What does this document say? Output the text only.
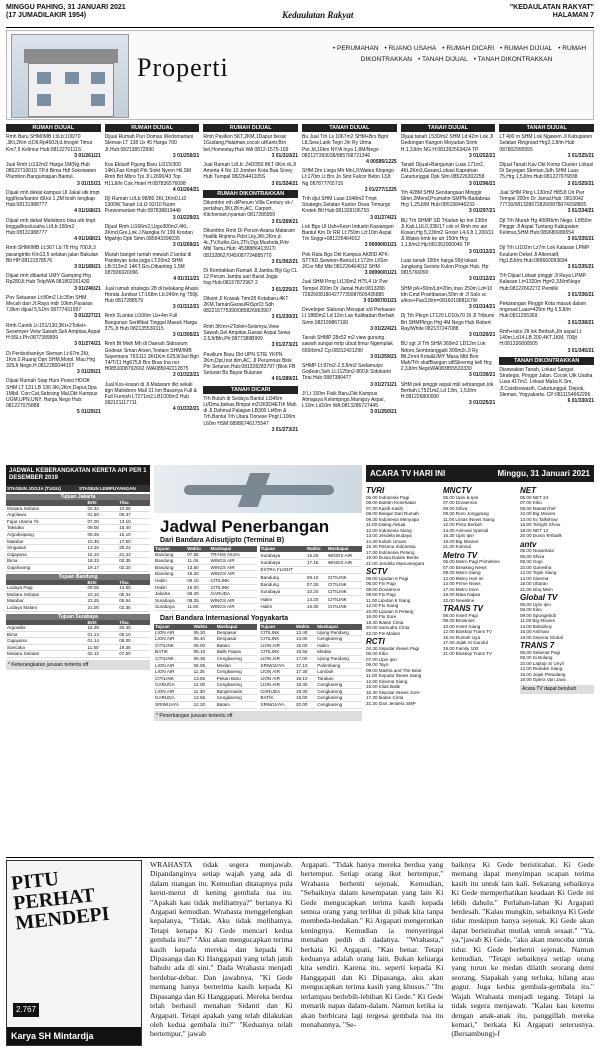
MINGGU PAHING, 31 JANUARI 2021
(17 JUMADILAKIR 1954)	Kedaulatan Rakyat
"KEDAULATAN RAKYAT"
HALAMAN 7
Properti
• PERUMAHAN • RUANG USAHA • RUMAH DICARI • RUMAH DIJUAL • RUMAH DIKONTRAKKAN • TANAH DIJUAL • TANAH DIKONTRAKKAN
RUMAH DIJUAL
Rmh Baru SHM/IMB Lt/Lb:100/70 ,3Kt,2Km d,Dll,Rp450Jt,d.Imogiri Timur Km7,5 Kelimur Hub:0812276111S
3 01/261/21
Jual Rmh Lt132m2 Harga 1M(Ng.Hub 0852271001S TP.d Bima Hdl Sokowaten Plumbon Banguntapan Bantul.
3 01/15/21
Dijual rmh dekat kampus UI Jakal utk tmpt tggl/kos/kantor dll.ks 1,2M brsih lengkap Hub:08131988777
4 01/168/21
Dijual rmh dekat Malioboro bisa utk tmpt tinggal/kos/usaha Lt/Lb:150m2 Hub:08131988777
4 01/168/21
Rmh SHM/IMB Lt:367 Lb:79 Hrg 700Jt,3 parangtritis Km13,5 selatan jalan Bakulan Blt HP:08121578576
3 01/189/21
Dijual rmh dibantul UMY Gamping Hrg Rp280Jt Hub Telp/WA 081802261430
3 01/240/21
Pov Setuaran Lt:80m2 Lb:35m SHM Mecah dari JI.Raya mdr 10km,Pasaran 7,8km dijual 5,5J/m 08777431997
3 01/227/21
Rmh Cantik Lt:151/130,3Kt+2Toilet+ Sesemyer View Sawah,Seli Ampitas,Aspal H:9SLt.Ph:0877389999
3 01/274/21
Di Perdoohankyn Sleman Lt:67m,2Kt, 1Km,0.Ruang Dpn SHM,Motol. Mau Hrg 325Jt Nego.H 081228004415T
3 01/29/21
Dijual Rumah Siap Huni Posisi HOOK SHM LT 131 LB 130 3Kt,2Km,Dapur,Dpa 1Mbil. Con:Cat,Sebrang Mal,Dkt Kampus UGM,UPN,UNY. Harga Nego Hub: 081227075888
5 01/29/21
RUMAH DIJUAL
Dijual Rumah Puri Domas Wedomartani Sleman LT 138 Lb 45 Harga 700 Jt.Hub:082138572990
3 01/250/21
Kos Eklusif Pgung Baru Lt215/300 14Kt,Fas Kmplt Prk Sinkt Nyrnn Hil,SM Rmh Brt Mbro Tpi Jl L2690/43 Top H11Jt/ln Cok Hotel H:087836576098
4 01/264/21
Djl Rumah Lt/Lb 98/80 3Kt,1Km0,Lt2 1300W,Tanah LtLt2 92/10 Nutm Purwomartani Hub:087838819448
3 01/229/21
Dijual Rmh Lt166m2,Lbgo300m2,4Kt, 3Kmd,Gre,Lok J.Nangka IV 199 Krodan Mgwhjo Dpk Simn.085643396035
3 01/269/21
Murah banget rumah mewah 2 lantai di Pandeyan kota jogja LT:20m2 SHM LB:313m2 14KT,Grs,Dibanting 1,5M 087836920096
4 01/311/21
Jual rumah strategis 28 di belakang Ahass Honda Jumbar LT:168m Lb:240m hg 750jt. Hub 0817288579
3 01/312/21
Rmh 2Lantai Lt106m Lb+4m Full Bangunan Sertifikat Tinggal Masuk Harga 375,Jt Hub 082135530315
3 01/305/21
Rmh Bt Mwh Mh di Daerah Sidoarum Godean Sman Arsen,Testare SHM/IMB Sayemans T6S111 3Kt1Km 625Jt/Jari Bgn T4/T/11 Hg675Jt Brs Brao Ina nor H0851008792692 /WA085042212875
3 01/322/21
Jual Kos-kosan di Jl.Mataram dkt sekali dgn Malioboro Mall 31 km Basanya Full & Full Furnish LT271m2,LB1000m2 Hub 082121117711
4 01/332/21
RUMAH DIJUAL
Rmh Pavilion 5KT,2KM,1Dapur besar 1Gudang,Halaman,cocok utKantr,Brn bel,Homestay.Hub WA 0812-1575-169
3 01/310/21
Jual Rumah Lt/Lb: 240/350 8KT 6Km di.Jl Amerta 4 No 10 Jomber Kota Baa Srvey Hub Tumpal 08226441105S
3 01/324/21
RUMAH DIKONTRAKKAN
Dikontrkn mh diPenum Villa Century sk / pertahun,3Kt,2Km,AC, Carport, Kitchenset,nyaman 0817285959
3 01/269/21
Dikontrkn Rmh Di Perum Asana Mataram Hadlik Rnjmns Pdst Lky,3Kt,2Km,d. 4c,TV,Kulks,Grs,2Th,Dgr,Mushola,Prkr Mbl Tamu.Hub: 453888641391Ti 081328627045/087724885770
3 01/302/21
Di Kontrakkan Rumah Jl.Jambu Biji Gg CL 12 Perum Jambu sari Barat Jogja hay.Hub:08157872967 2
3 01/225/21
Dikont Jl Krasak Timr28 Kotabaru,4KT 2KM,TamanGarasi/RiSprCt Sdh 082215775390/085826963907
3 01/230/21
Rmh 3Kmr+2Toilet+Seismya,View Sawah,Sel Ampitas,Garasi Aspal Sewa 2,5Jt/Bln.Ph:0877389B999
3 01/273/21
Pavilium Baru Dkt UPN STIE YKPN 2Km,Dpt,Inst dim,AC, Jl Perumnas Blok Pin Seturan.Hub:081328283797 (Blok FB Seturan Bs Bayar Bulanan
4 01/289/21
TANAH DICARI
Trh Butuh di Sedaya Bantul Lt345m Lt/Dmu,bebas,Bmpar.m2\263D4ETrh Mah di Jl.Dahmal Palagan LB300 Lt45m & Trh.Bantul Trh Utara Donese Pngt L100m L60m HSM:08986746175547
3 01/273/21
TANAH DIJUAL
Bu Jual Trh Ls 1067m2 SHM+Brs Bgnt LtLSew,Larik Tegn Jln Ry Utma Pw:Jd,10km NY/A Inya 1,8M/Nego 082127393038/085768721346
4 00595/1225
SHM Dm Linga Mh Mnl,Jl:Wates Klopngo Lt:170m Lt Brs Jn Smt Falcor Bebn 13Jt Ng 087877765715
3 01/277/1225
Tnh djul SHM Luas:1048m2 Tmpt Strategis,Selatan Kantor Desa Trimurgo Kretek Btl Hub:081329106753
3 01/274/21
Lok Bgs Ul Ush+Kesn Industri Kawangan Bantul Km Dr RR Lt:750m Ld:10m Aspal Trk Snggr+081226464012
3 00990/01/21
Pek Rata Bgs Dkt Kampus AKBID ATK-STTKD,Seweon-Bantul Lt:172m Lt/Sm JlCor Mbl Mbl 081226464012 SHM
3 00990/01/21
Jual SHM Prng Lt130m2 H75,4 Ur Pwr Tempel 200m Dr Jamal Hub:0813286 72826/081804277730087605435885
3 01/067/01/21
Developer Slaturan Merapat s/d Perkasan Lt 1880m2 Ld 12m Las Kalibadan Berbah Simn 082199867100
3 01/224/21
Tanah SHMP 28x52 m2 view gunung sawah sungai mrtp ubud timur Ngemplak 650rb/m2 Cp:08312421290
3 01/259/21
SHMP Lt:97m2-2,5Jt/m2 Sedamulyo Godean,Seh Lt:1125m2-800Jt Sidokarto Tirai Hub 0887380477
3 01/271/21
Jl Lt 150m Fisik Baru,Dkt Kampus Atmajaya Kelompngo,Maniguy Aspal, L10m Ld10m WA:0813286727445
3 01/250/21
TANAH DIJUAL
Dijual tanah L530/m2 SHM Ld:42m Lok Jl Gedongan Kangon Moyudan Simn H.1,3Jt/m NG H:081392563424 TP
3 01/252/21
Tanah Dijual+Bangunan Luas 171m2, 4Kt,2Km3,Garasi,Lokasi Kaprahan Caturtunggal Dpk Slm.085226302258
3 01/296/21
Trh 428M SHM,Sendangsari Minggir Slmn,2Mend,Prumahn-SMPN-Badabraa Hrg 1,25Jt/M Hub:085158446233
3 01/297/21
BU Trh SHMP SD Trladan kp tnn 230m Jl.Kab.LUL0.336/17 cok el Rmh ms aw Kosan,Hg 5,2Jt/m2 Grosir L4,6Jt 1,200/11 Jl.Wates kmb ke utr 150m Hrg 1,1Jt/m2.Hp:081362000040 TP
3 01/312/21
Luas tanah 150m harga 99jt lokasi Jangkang Seriote Kulon Progo Hub. Hp: 0815766090
3 01/312/21
SHM p/k+50m/Ld=20m,Inso 250m Ld=10 Idn Cmd Prambanan,50m dr Jl Solo sc u/kos+Pas3Jt/m=081601088167W
3 01/314/21
Dj Trh Pkrgn LT120 LD10x70 Di Jl Trtbumi Brt SHMPkrgn Hrg 4M Nego Hub Robert Ray/White 082137247088
3 01/320/21
BU sgt Jl Trh SHM 369m2 LD12m Lok Ndoro,Sembranggalii 300m2r.Jl Ry Blt,2mnt Kota&UMY Masa Mbl Bon Mah/Trh skafBangun sitfSkrenng kell Hrg 2,3Jt/m NegoWA083855533330
3 01/330/21
SHM pek pinggir aspal mbl sebrangan,lok Berbah,LT521m2,Ld 13m, 1,5Jt/m H:081226800000
3 01/325/21
TANAH DIJUAL
LT 400 m SHM Lok Ngawen Jl Kabupaten Selatan Ringroad Hrg2,1Jt/m Hub 087802995555
3 01/325/21
Dijual Tanah Kav Dkt Komp Cluster Lokasi Di Seyegan Sleman,Sdh SHM Luas 75,Hrg 1,5Jt/m.Hub:081227976838
3 01/325/21
Jual SHM Pkrg L130m2 H85Jt Ulr Pwr Tempel 200m Dr Jamal.Hub: 0810042 77730/081328672826/08780743S8805
3 01/334/21
Djl Trh Murah Hg 400Rb/m Nego. Lt950m Pinggir Jl Aspal Tuntang Kabupaten Kelimur,SHM.Hub:089680086554
3 01/335/21
Dji Trh Lt102m Lz7m Lok Kalasan LPMP Keulurin Deket Jl Alternatif, Hg1,8Jt/m.Hub:089660093694
3 01/335/21
Trh Dijual Lokasi pinggir Jl Raya LPMP Kalasan Lt=1320m Hg=2,3Jt/mNego Hub:08122662272 Pemilik
3 01/336/21
Pekarangan Pinggir Kota masuk dalam ringroad Luas=425m Hg 6,5Jt/m Hub:0811255369
3 01/338/21
Rmh+ruko 2lt lok Berbah,Jln aspal Lt 140m,Ld14,LB 200,4KT,1KM, 700jt H:081326800505
3 01/345/21
TANAH DIKONTRAKKAN
Disewakan Tanah, Lokasi Sangat Strategis, Pinggir Jalan. Cocok Utk Usaha Luas 417m2. Lokasi Maka K.Sm, Jl.Candirewasih, Caturtunggal, Depok, Sleman, Yogyakarta. CP:0811154662296
6 01/330/21
JADWAL KEBERANGKATAN KERETA API PER 1 DESEMBER 2019
STASIUN JOGJA (TUGU)	STASIUN LEMPUYANGAN
Tujuan Jakarta
	Brkt	Tiba
Mutiara Selatan	03.32	10.05
Argolawu	01.50	06.47
Fajar Utama Yk	07.00	13.10
Taksaka	09.00	15.40
Argodwipang	09.25	16.10
Malabar	10.45	17.50
Singasari	13.16	20.24
Gajayana	16.10	21.43
Bima	18.33	00.35
Gajahwong	19.17	02.20
Tujuan Bandung
	Brkt	Tiba
Lodaya Pagi	09.05	14.50
Mutiara Selatan	23.10	05.34
Malabar	23.25	05.54
Lodaya Malam	21.00	02.45
Tujuan Surabaya
	Brkt	Tiba
Argowilis	15.28	20.40
Bima	01.13	06.10
Gajayana	01.14	06.00
Sancaka	11.50	16.35
Mutiara Selatan	02.12	07.50
* Keberangkatan jurusan tertentu off
Jadwal Penerbangan
Dari Bandara Adisutjipto (Terminal B)
Tujuan	Waktu	Maskapai
Bandung	07.55	TRANS NUSA
Bandung	11.45	WINGS AIR
Bandung	13.50	WINGS AIR
Bandung	15.20	WINGS AIR
Halim	09.10	CITILINK
Halim	16.00	CITILINK
Jakarta	06.20	GARUDA
Surabaya	08.25	WINGS AIR
Surabaya	11.50	WINGS AIR
Tujuan	Waktu	Maskapai
Surabaya	15.25	WINGS AIR
Surabaya	17.15	WINGS AIR
EXTRA FLIGHT		
Bandung	09.10	CITILINK
Bandung	07.30	CITILINK
Surabaya	10.20	CITILINK
Halim	14.20	CITILINK
Halim	16.30	CITILINK
Dari Bandara Internasional Yogyakarta
Tujuan	Waktu	Maskapai
LION AIR	06.30	Denpasar
LION AIR	06.40	Denpasar
CITILINK	06.00	Batam
BATIK	06.15	Balik Papan
CITILINK	06.35	Cengkareng
LION AIR	06.05	Medan
LION AIR	11.35	Cengkareng
CITILINK	13.55	Pekan Baru
GARUDA	12.00	Cengkareng
LION AIR	11.30	Banjarmasin
GARUDA	13.55	Cengkareng
SRIWIJAYA	12.20	Batam
Tujuan	Waktu	Maskapai
CITILINK	13.40	Ujung Pandang
CITILINK	14.00	Cengkareng
LION AIR	15.00	Halim
CITILINK	15.50	Medan
LION AIR	17.00	Ujung Pandang
SRIWIJAYA	17.10	Palembang
LION AIR	17.30	Lombok
LION AIR	18.10	Tarakan
LION AIR	18.30	Cengkareng
GARUDA	19.30	Cengkareng
BATIK	19.00	Cengkareng
SRIWIJAYA	20.00	Cengkareng
* Penerbangan jurusan tertentu off
ACARA TV HARI INI	Minggu, 31 Januari 2021
TVRI
05.00 Indonesia Pagi
06.00 Buletin Kesehatan
07.00 Kasih Kasih
08.00 Belajar Dari Rumah
09.30 Indonesia Menyapa
11.00 Dialog Aktual
12.00 Indonesia Siang
13.00 Jendela Budaya
14.30 Kuliah Umum
15.30 Pesona Indonesia
17.00 Indonesia Petang
19.00 Dunia Dalam Berita
21.00 Jendela Mancanegara
SCTV
05.00 Liputan 6 Pagi
06.00 Ftv Pagi
08.00 Doraemon
09.00 Ftv Pagi
11.00 Liputan 6 Siang
12.00 Ftv Siang
15.00 Liputan 6 Petang
16.00 Ftv Sore
18.30 Ikatan Cinta
20.00 Samudra Cinta
22.00 Ftv Malam
RCTI
04.30 Seputar iNews Pagi
06.00 Kiko
07.00 Upin Ipin
08.00 Tayo
09.00 Masha and The Bear
11.00 Seputar iNews Siang
12.00 Sinema Siang
15.00 Kilas Balik
16.30 Seputar iNews Sore
17.30 Ikatan Cinta
21.30 Dari Jendela SMP
MNCTV
05.00 Upin & Ipin
07.00 Doraemon
08.00 Shiva
09.00 Roro Jonggrang
11.00 Lintas iNews Siang
12.00 Pintu Berkah
14.00 Animasi Spesial
16.30 Upin Ipin
18.00 Big Movies
21.00 Kolosal
Metro TV
05.00 Metro Pagi Primetime
07.00 Breaking News
09.00 Metro Siang
12.00 Metro Hari Ini
14.00 Prime News
17.00 Metro Sore
19.00 Mata Najwa
22.00 Newsline
TRANS TV
06.00 Insert Pagi
08.00 Brownies
10.00 Insert Siang
12.00 Bioskop Trans TV
15.00 Rumah Uya
17.00 Jejak Si Gundul
19.00 Family 100
21.00 Bioskop Trans TV
NET
05.00 NET 24
07.00 Kiko
08.00 Masterchef
10.00 Big Movies
13.00 Ini Talkshow
15.00 Tonight Show
18.00 NET 12
20.00 Dunia Terbalik
antv
05.00 Nusantara
06.00 Shiva
08.00 Gopi
10.00 Ganesha
12.00 Topik Siang
14.00 Sinema
18.00 Uttaran
21.00 Ishq Mein
Global TV
06.00 Upin Ipin
08.00 Kiko
09.00 Spongebob
11.00 Big Movies
14.00 Boboiboy
16.00 Animasi
19.00 Sinema Global
TRANS 7
06.00 Selamat Pagi
08.00 Si Bolang
10.00 Laptop Si Unyil
12.00 Redaksi Siang
15.00 Jejak Petualang
18.00 Opera Van Java
Acara TV dapat berubah
PITU PERHAT MENDEPI
2.767
Karya SH Mintardja
WRAHASTA tidak segera menjawab. Dipandanginya setiap wajah yang ada di dalam ruangan itu. Kemudian ditatapnya pula kerut-merut di kening gembala tua itu. "Apakah kau tidak melihatnya?" bertanya Ki Argapati kemudian. Wrahasta menggelengkan kepalanya, "Tidak. Aku tidak melihatnya. Tetapi kenapa Ki Gede mencari kedua gembala itu?" "Aku akan mengucapkan terima kasih kepada mereka dan kepada Ki Dipasanga dan Ki Hanggapati yang telah jatuh bahulu ada di sini." Dada Wrahasta menjadi berdebar-debar. Dan jawabnya, "Ki Gede memang hanya berterima kasih kepada Ki Dipasanga dan Ki Hanggapati. Mereka berdua telah berhasil menahan Sidanti dan Ki Argapati. Tetapi apakah yang telah dilakukan oleh kedua gembala itu?" "Keduanya telah bertempur," jawab
Argapati. "Tidak hanya mereka berdua yang bertempur. Setiap orang ikut bertempur," Wrahasta berhenti sejenak. Kemudian, "Sebaiknya dalam kesempatan yang lain Ki Gede mengucapkan terima kasih kepada semua orang yang terlibat di pihak kita tanpa membeda-bedakan." Ki Argapati mengerutkan keningnya. Kemudian ia menyeringai menahan pedih di dadanya. "Wrahasta," berkata Ki Argapati, "Kau benar. Tetapi keduanya adalah orang lain. Bukan keluarga kita sendiri. Karena itu, seperti kepada Ki Hanggapati dan Ki Dipasanga, aku akan mengucapkan terima kasih yang khusus." "Itu terlampau berlebih-lebihan Ki Gede." Ki Gede menarik napas dalam-dalam. Namun ketika ia akan berbicara lagi tergesa gembala tua itu menahannya, "Se-
baiknya Ki Gede beristirahat. Ki Gede memang dapat menyimpan ucapan terima kasih itu untuk lain kali. Sekarang sebaiknya Ki Gede memperhatikan keadaan Ki Gede ini lebih dahulu." Perlahan-lahan Ki Argapati berdesah. "Kalau mungkin, sebaiknya Ki Gede tidur meskipun hanya sejenak. Ki Gede akan dapat beristirahat mutlak untuk sesaat." "Ya, ya,"jawab Ki Gede, "aku akan mencoba untuk tidur. Ki Gede berhenti sejenak. Namun kemudian, "Tetapi sebaiknya setiap orang yang turun ke medan dilatih seorang demi seorang. Siapakah yang terluka, hilang atau gugur. Juga kedua gembala-gembala itu." Wajah Wrahasta menjadi tegang. Tetapi ia tidak segera menjawab. "Kalau kau ketemu dengan anak-anak itu, panggillah mereka kemari," berkata Ki Argapati seterusnya. (Bersambung)-f
